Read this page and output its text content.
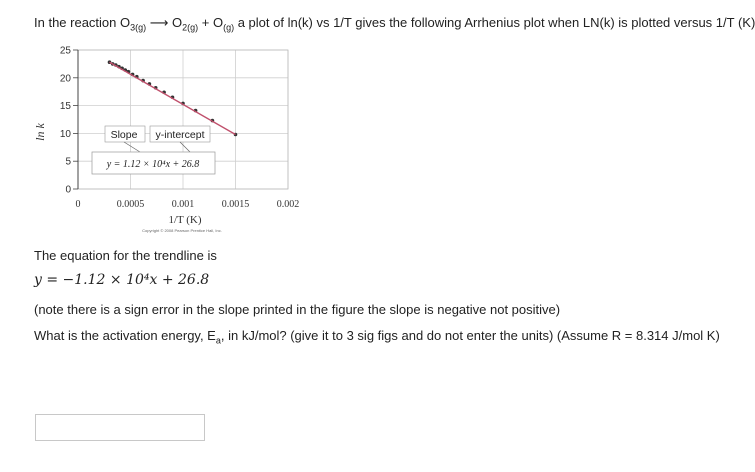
In the reaction $O_{3(g)}$ ⟶ $O_{2(g)} + O_{(g)}$ a plot of ln(k) vs 1/T gives the following Arrhenius plot when LN(k) is plotted versus 1/T (K)
0
5
10
15
20
25
0	0.0005	0.001	0.0015	0.002
ln k
1/T (K)
Copyright © 2008 Pearson Prentice Hall, Inc.
Slope y-intercept
y = 1.12 × 10⁴x + 26.8
The equation for the trendline is
y = −1.12 × 10⁴x + 26.8
(note there is a sign error in the slope printed in the figure the slope is negative not positive)
What is the activation energy, $E_a$, in kJ/mol? (give it to 3 sig figs and do not enter the units) (Assume R = 8.314 J/mol K)
